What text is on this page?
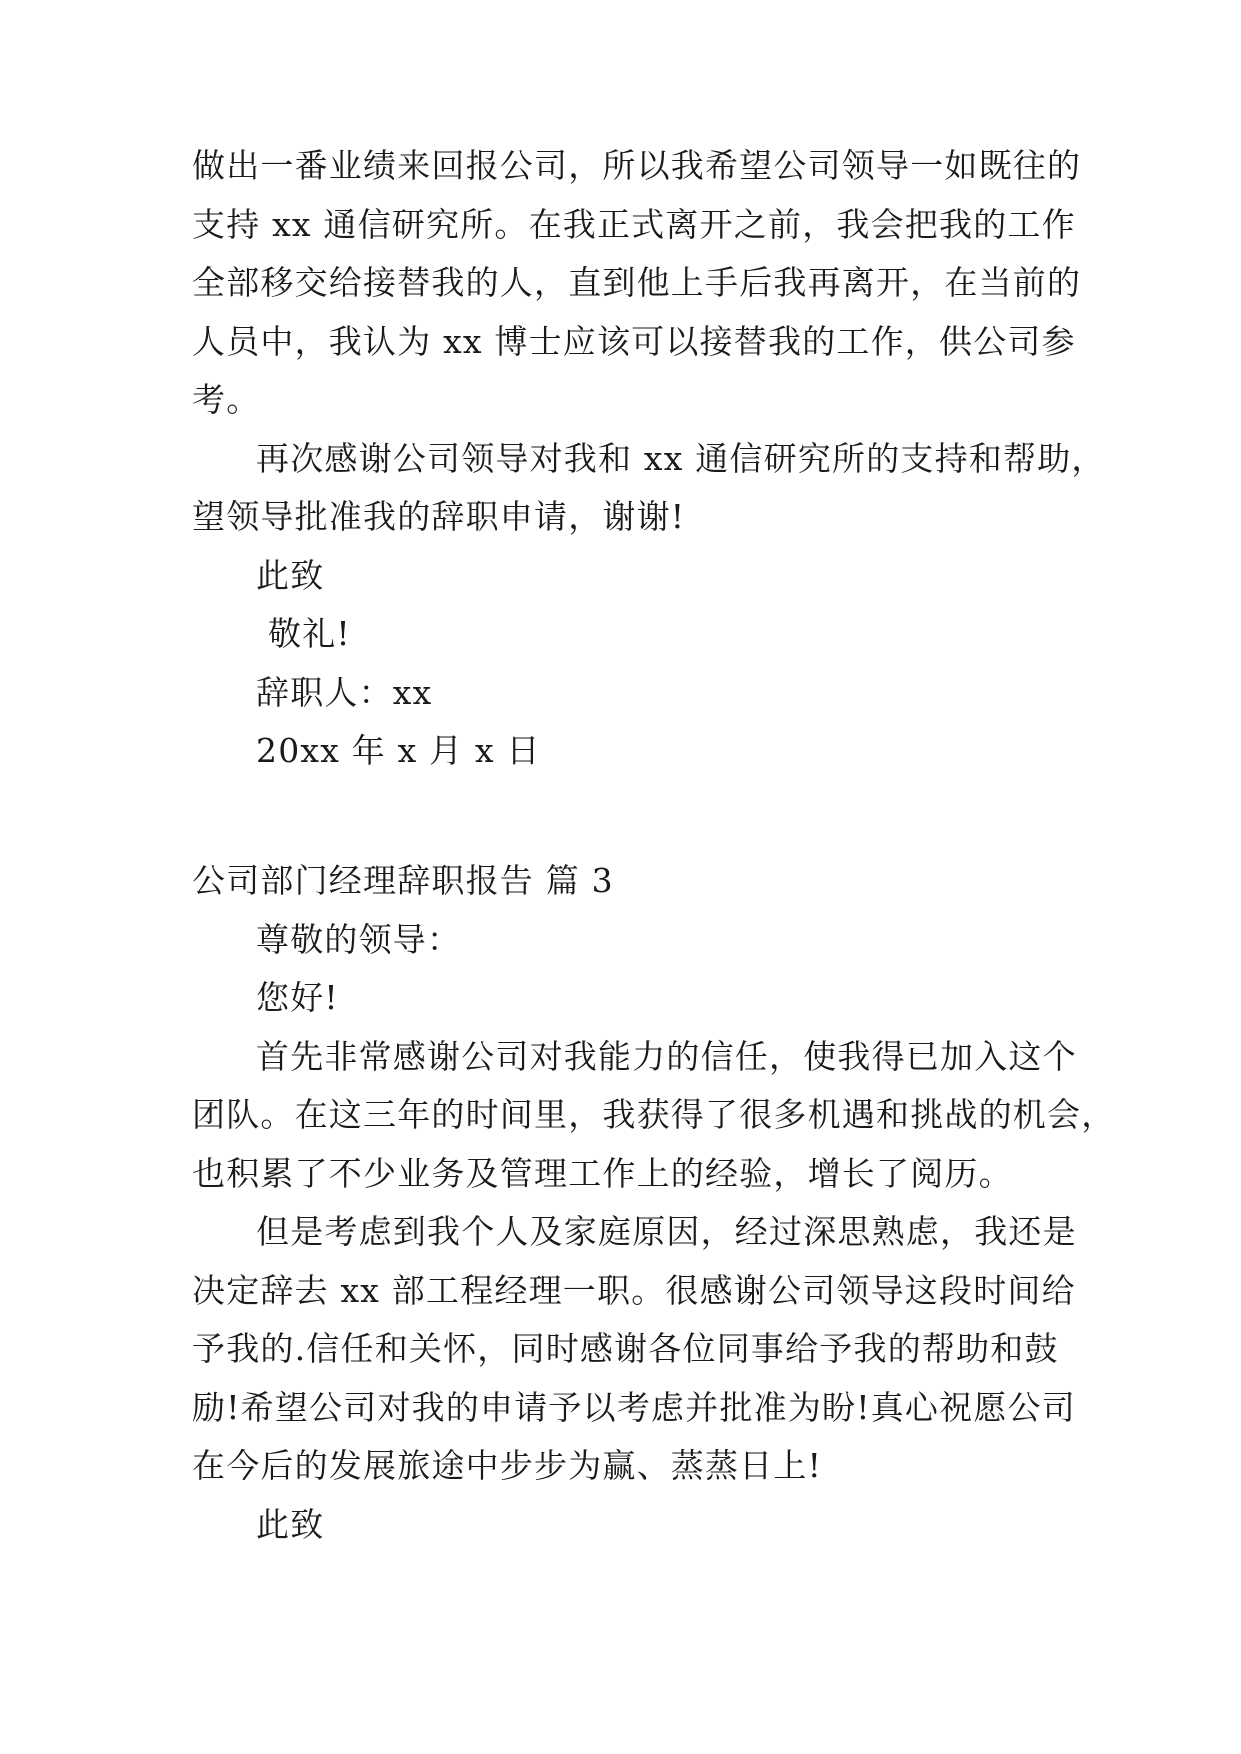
做出一番业绩来回报公司，所以我希望公司领导一如既往的
支持 xx 通信研究所。在我正式离开之前，我会把我的工作
全部移交给接替我的人，直到他上手后我再离开，在当前的
人员中，我认为 xx 博士应该可以接替我的工作，供公司参
考。
再次感谢公司领导对我和 xx 通信研究所的支持和帮助，
望领导批准我的辞职申请，谢谢!
此致
敬礼!
辞职人：xx
20xx 年 x 月 x 日
公司部门经理辞职报告 篇 3
尊敬的领导：
您好!
首先非常感谢公司对我能力的信任，使我得已加入这个
团队。在这三年的时间里，我获得了很多机遇和挑战的机会，
也积累了不少业务及管理工作上的经验，增长了阅历。
但是考虑到我个人及家庭原因，经过深思熟虑，我还是
决定辞去 xx 部工程经理一职。很感谢公司领导这段时间给
予我的.信任和关怀，同时感谢各位同事给予我的帮助和鼓
励!希望公司对我的申请予以考虑并批准为盼!真心祝愿公司
在今后的发展旅途中步步为赢、蒸蒸日上!
此致
